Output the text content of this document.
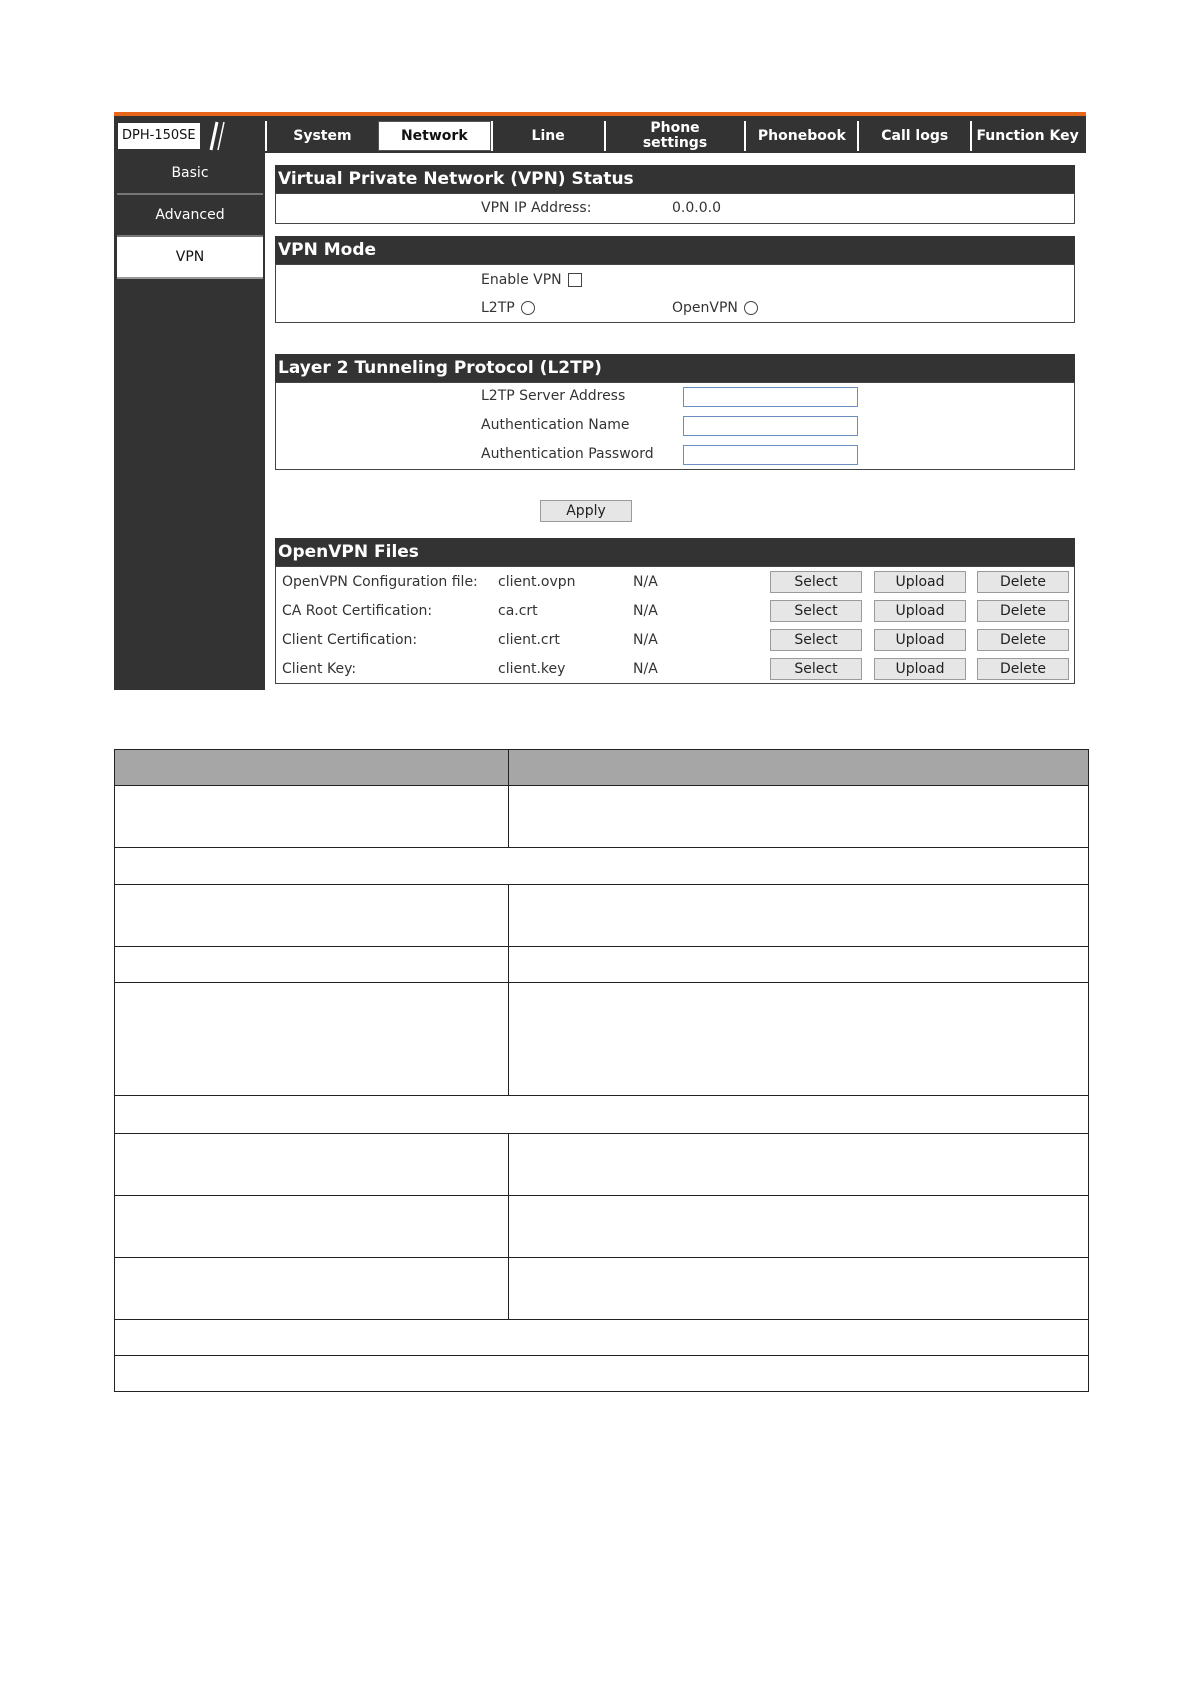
DPH-150SE	System	Network	Line	Phone settings	Phonebook	Call logs	Function Key
Basic
Advanced
VPN
Virtual Private Network (VPN) Status
VPN IP Address:	0.0.0.0
VPN Mode
Enable VPN
L2TP	OpenVPN
Layer 2 Tunneling Protocol (L2TP)
L2TP Server Address
Authentication Name
Authentication Password
Apply
OpenVPN Files
OpenVPN Configuration file: client.ovpn	N/A	Select	Upload	Delete
CA Root Certification:	ca.crt	N/A	Select	Upload	Delete
Client Certification:	client.crt	N/A	Select	Upload	Delete
Client Key:	client.key	N/A	Select	Upload	Delete
